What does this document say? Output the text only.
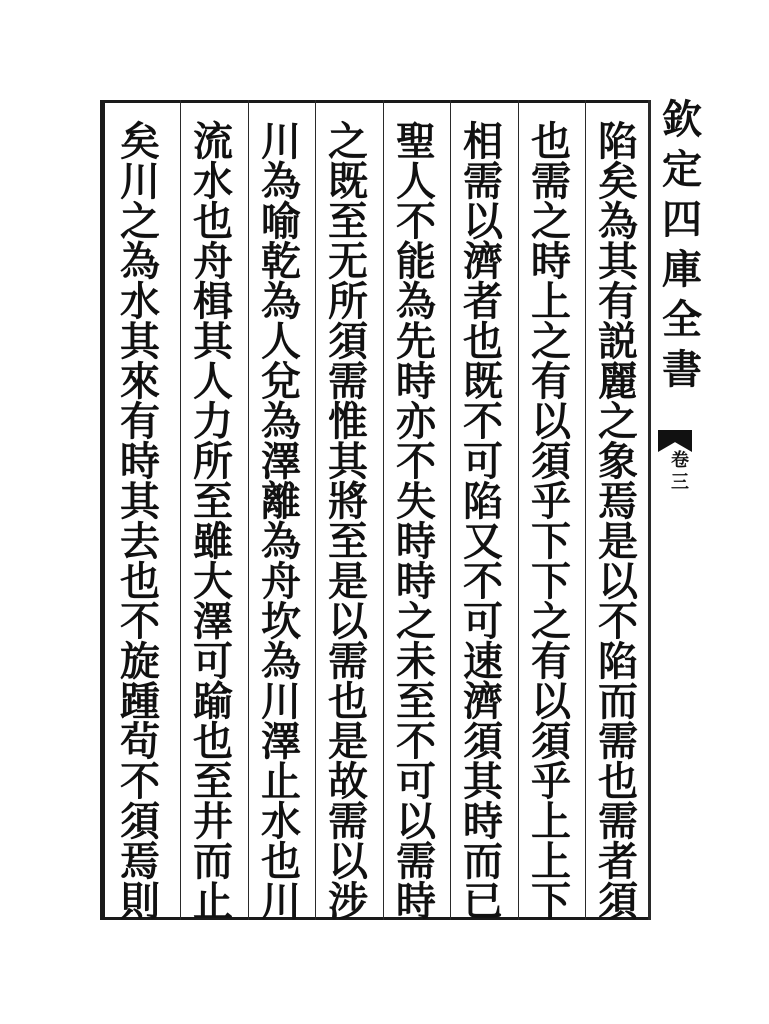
欽
定
四
庫
全
書
卷
三
陷
矣
為
其
有
説
麗
之
象
焉
是
以
不
陷
而
需
也
需
者
須
也
需
之
時
上
之
有
以
須
乎
下
下
之
有
以
須
乎
上
上
下
相
需
以
濟
者
也
既
不
可
陷
又
不
可
速
濟
須
其
時
而
已
聖
人
不
能
為
先
時
亦
不
失
時
時
之
未
至
不
可
以
需
時
之
既
至
无
所
須
需
惟
其
將
至
是
以
需
也
是
故
需
以
涉
川
為
喻
乾
為
人
兌
為
澤
離
為
舟
坎
為
川
澤
止
水
也
川
流
水
也
舟
楫
其
人
力
所
至
雖
大
澤
可
踰
也
至
井
而
止
矣
川
之
為
水
其
來
有
時
其
去
也
不
旋
踵
茍
不
須
焉
則
